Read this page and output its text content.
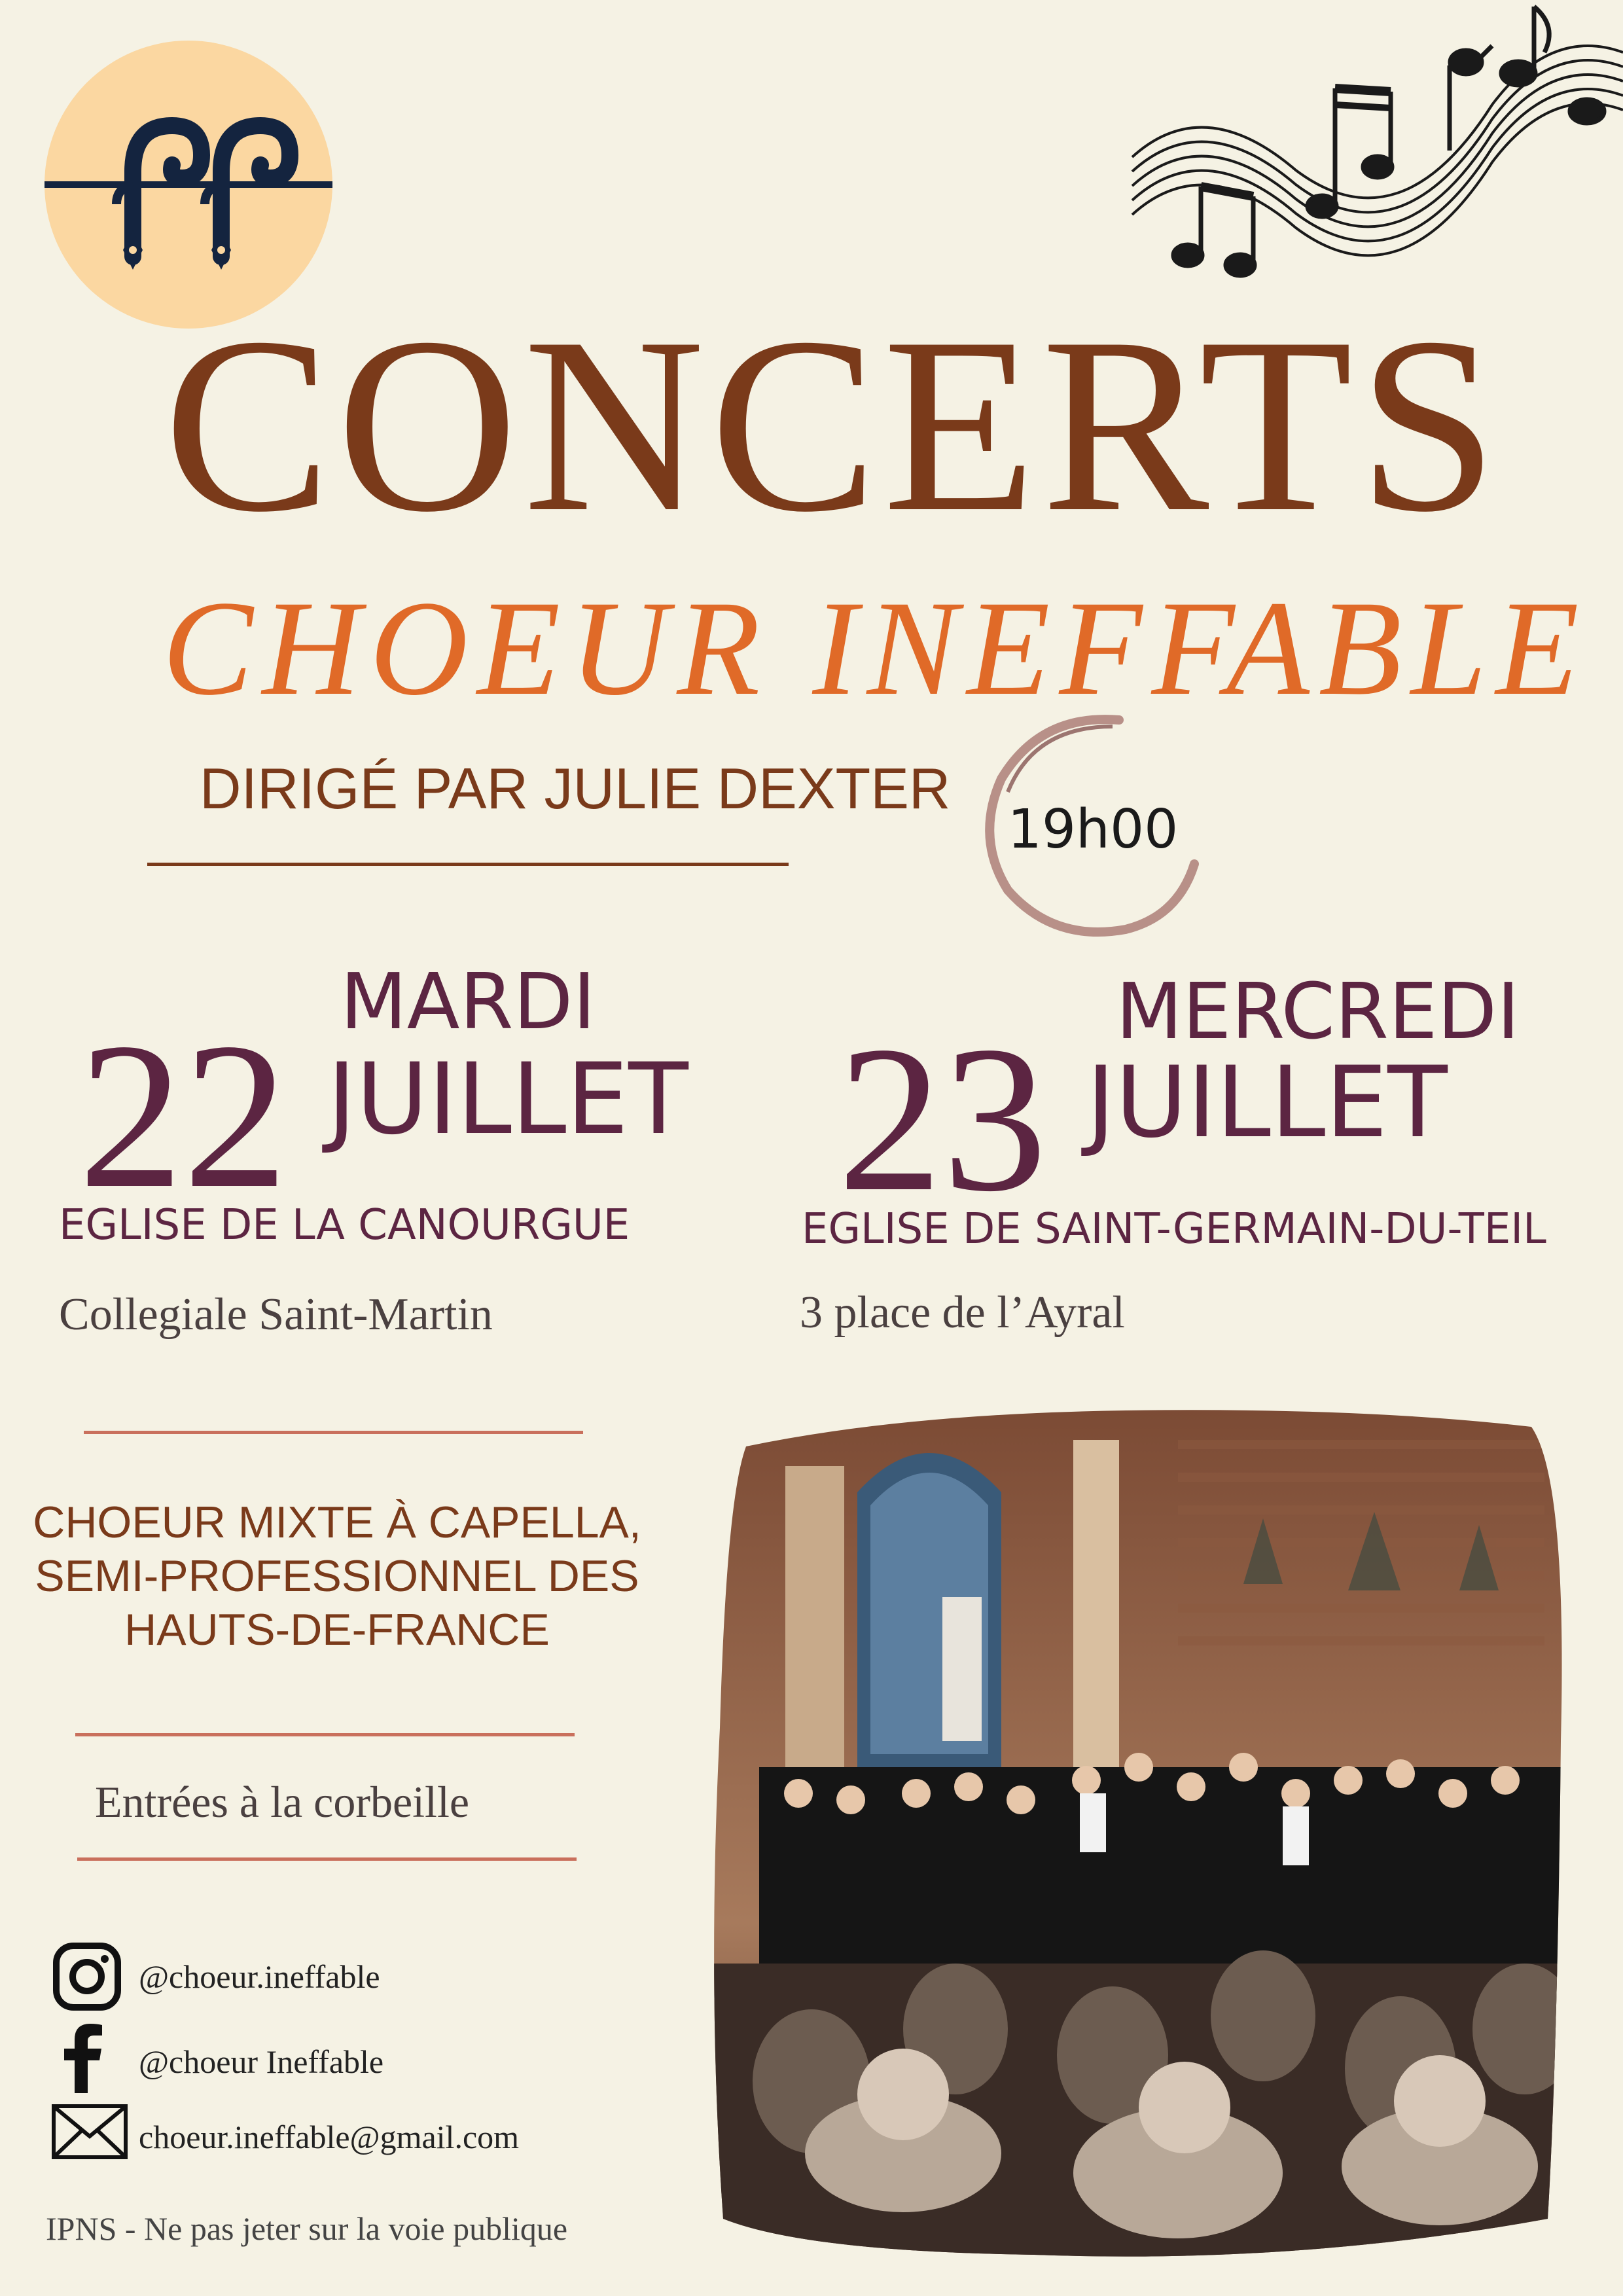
CONCERTS
CHOEUR INEFFABLE
DIRIGÉ PAR JULIE DEXTER
19h00
22 MARDI
JUILLET
EGLISE DE LA CANOURGUE
Collegiale Saint-Martin
23 MERCREDI
JUILLET
EGLISE DE SAINT-GERMAIN-DU-TEIL
3 place de l’Ayral
CHOEUR MIXTE À CAPELLA,
SEMI-PROFESSIONNEL DES
HAUTS-DE-FRANCE
Entrées à la corbeille
@choeur.ineffable
@choeur Ineffable
choeur.ineffable@gmail.com
IPNS - Ne pas jeter sur la voie publique
